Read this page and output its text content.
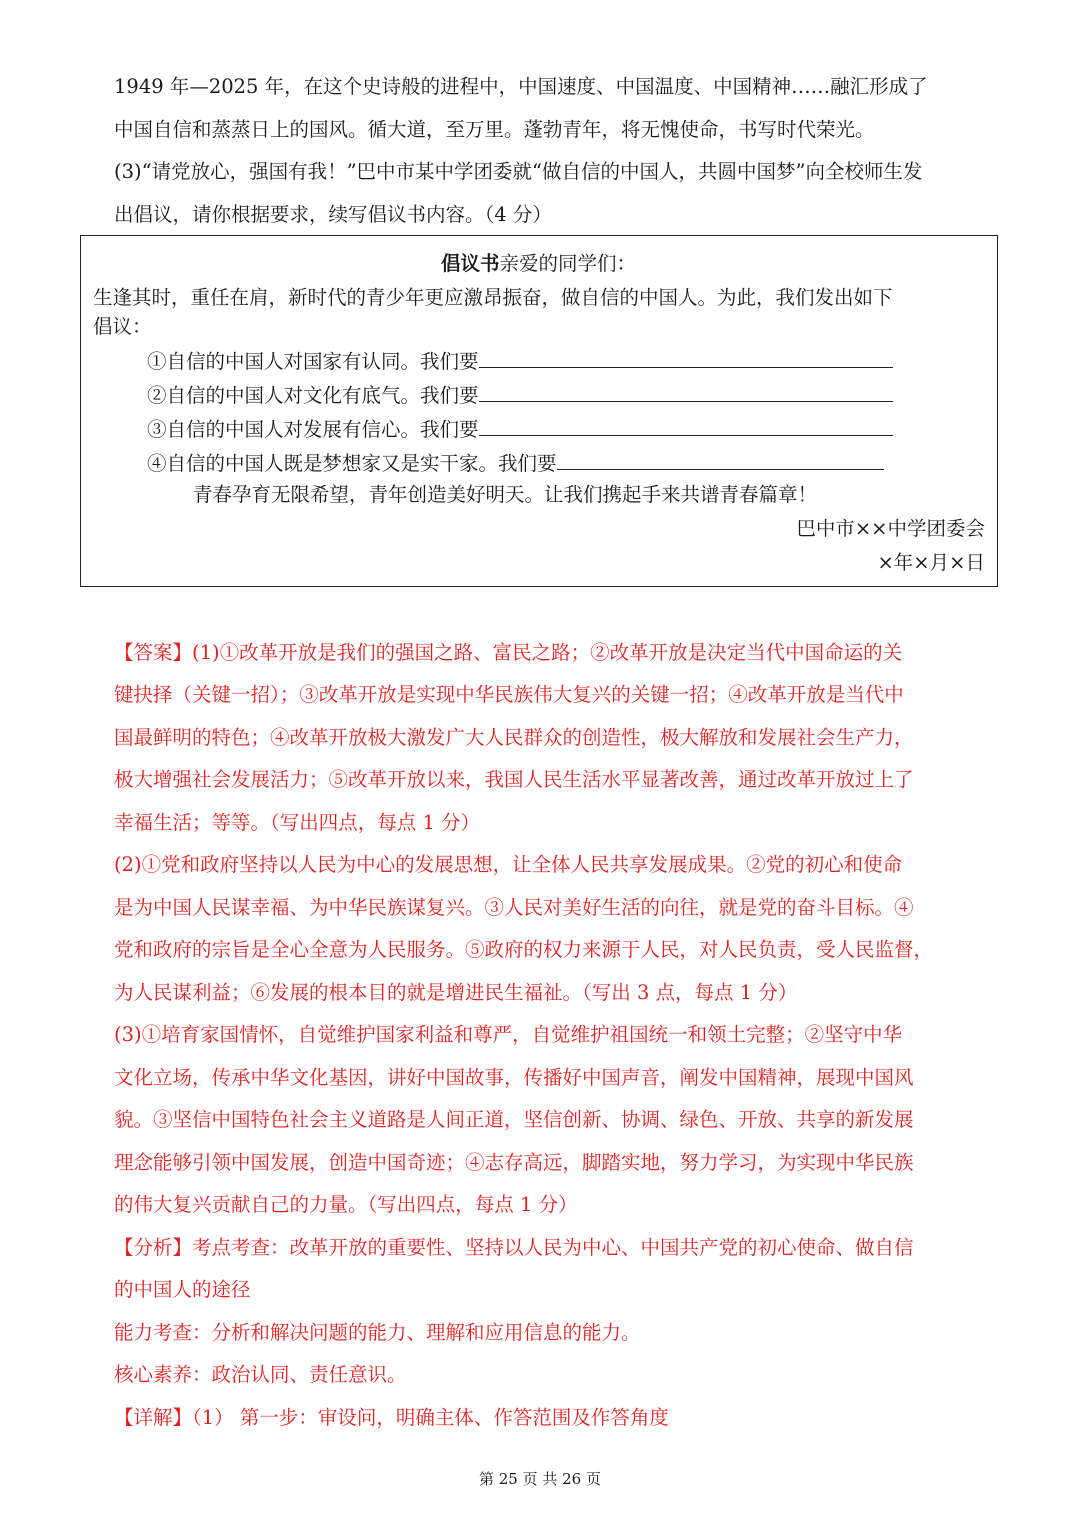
1949 年—2025 年，在这个史诗般的进程中，中国速度、中国温度、中国精神……融汇形成了
中国自信和蒸蒸日上的国风。循大道，至万里。蓬勃青年，将无愧使命，书写时代荣光。
(3)“请党放心，强国有我！”巴中市某中学团委就“做自信的中国人，共圆中国梦”向全校师生发
出倡议，请你根据要求，续写倡议书内容。（4 分）
倡议书亲爱的同学们：
生逢其时，重任在肩，新时代的青少年更应激昂振奋，做自信的中国人。为此，我们发出如下
倡议：
①自信的中国人对国家有认同。我们要
②自信的中国人对文化有底气。我们要
③自信的中国人对发展有信心。我们要
④自信的中国人既是梦想家又是实干家。我们要
青春孕育无限希望，青年创造美好明天。让我们携起手来共谱青春篇章！
巴中市××中学团委会
×年×月×日
【答案】(1)①改革开放是我们的强国之路、富民之路；②改革开放是决定当代中国命运的关
键抉择（关键一招）；③改革开放是实现中华民族伟大复兴的关键一招；④改革开放是当代中
国最鲜明的特色；④改革开放极大激发广大人民群众的创造性，极大解放和发展社会生产力，
极大增强社会发展活力；⑤改革开放以来，我国人民生活水平显著改善，通过改革开放过上了
幸福生活；等等。（写出四点，每点 1 分）
(2)①党和政府坚持以人民为中心的发展思想，让全体人民共享发展成果。②党的初心和使命
是为中国人民谋幸福、为中华民族谋复兴。③人民对美好生活的向往，就是党的奋斗目标。④
党和政府的宗旨是全心全意为人民服务。⑤政府的权力来源于人民，对人民负责，受人民监督，
为人民谋利益；⑥发展的根本目的就是增进民生福祉。（写出 3 点，每点 1 分）
(3)①培育家国情怀，自觉维护国家利益和尊严，自觉维护祖国统一和领土完整；②坚守中华
文化立场，传承中华文化基因，讲好中国故事，传播好中国声音，阐发中国精神，展现中国风
貌。③坚信中国特色社会主义道路是人间正道，坚信创新、协调、绿色、开放、共享的新发展
理念能够引领中国发展，创造中国奇迹；④志存高远，脚踏实地，努力学习，为实现中华民族
的伟大复兴贡献自己的力量。（写出四点，每点 1 分）
【分析】考点考查：改革开放的重要性、坚持以人民为中心、中国共产党的初心使命、做自信
的中国人的途径
能力考查：分析和解决问题的能力、理解和应用信息的能力。
核心素养：政治认同、责任意识。
【详解】（1） 第一步：审设问，明确主体、作答范围及作答角度
第 25 页 共 26 页
